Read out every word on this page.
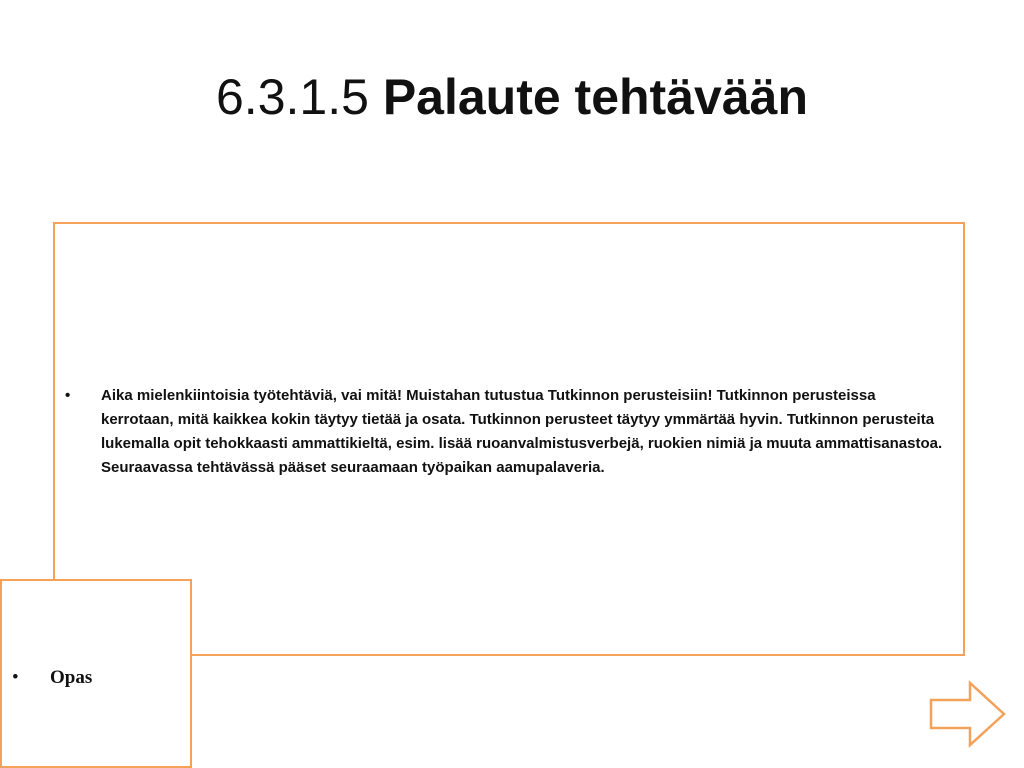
6.3.1.5 Palaute tehtävään
•	Aika mielenkiintoisia työtehtäviä, vai mitä! Muistahan tutustua Tutkinnon perusteisiin! Tutkinnon perusteissa kerrotaan, mitä kaikkea kokin täytyy tietää ja osata. Tutkinnon perusteet täytyy ymmärtää hyvin. Tutkinnon perusteita lukemalla opit tehokkaasti ammattikieltä, esim. lisää ruoanvalmistusverbejä, ruokien nimiä ja muuta ammattisanastoa. Seuraavassa tehtävässä pääset seuraamaan työpaikan aamupalaveria.
•	Opas
